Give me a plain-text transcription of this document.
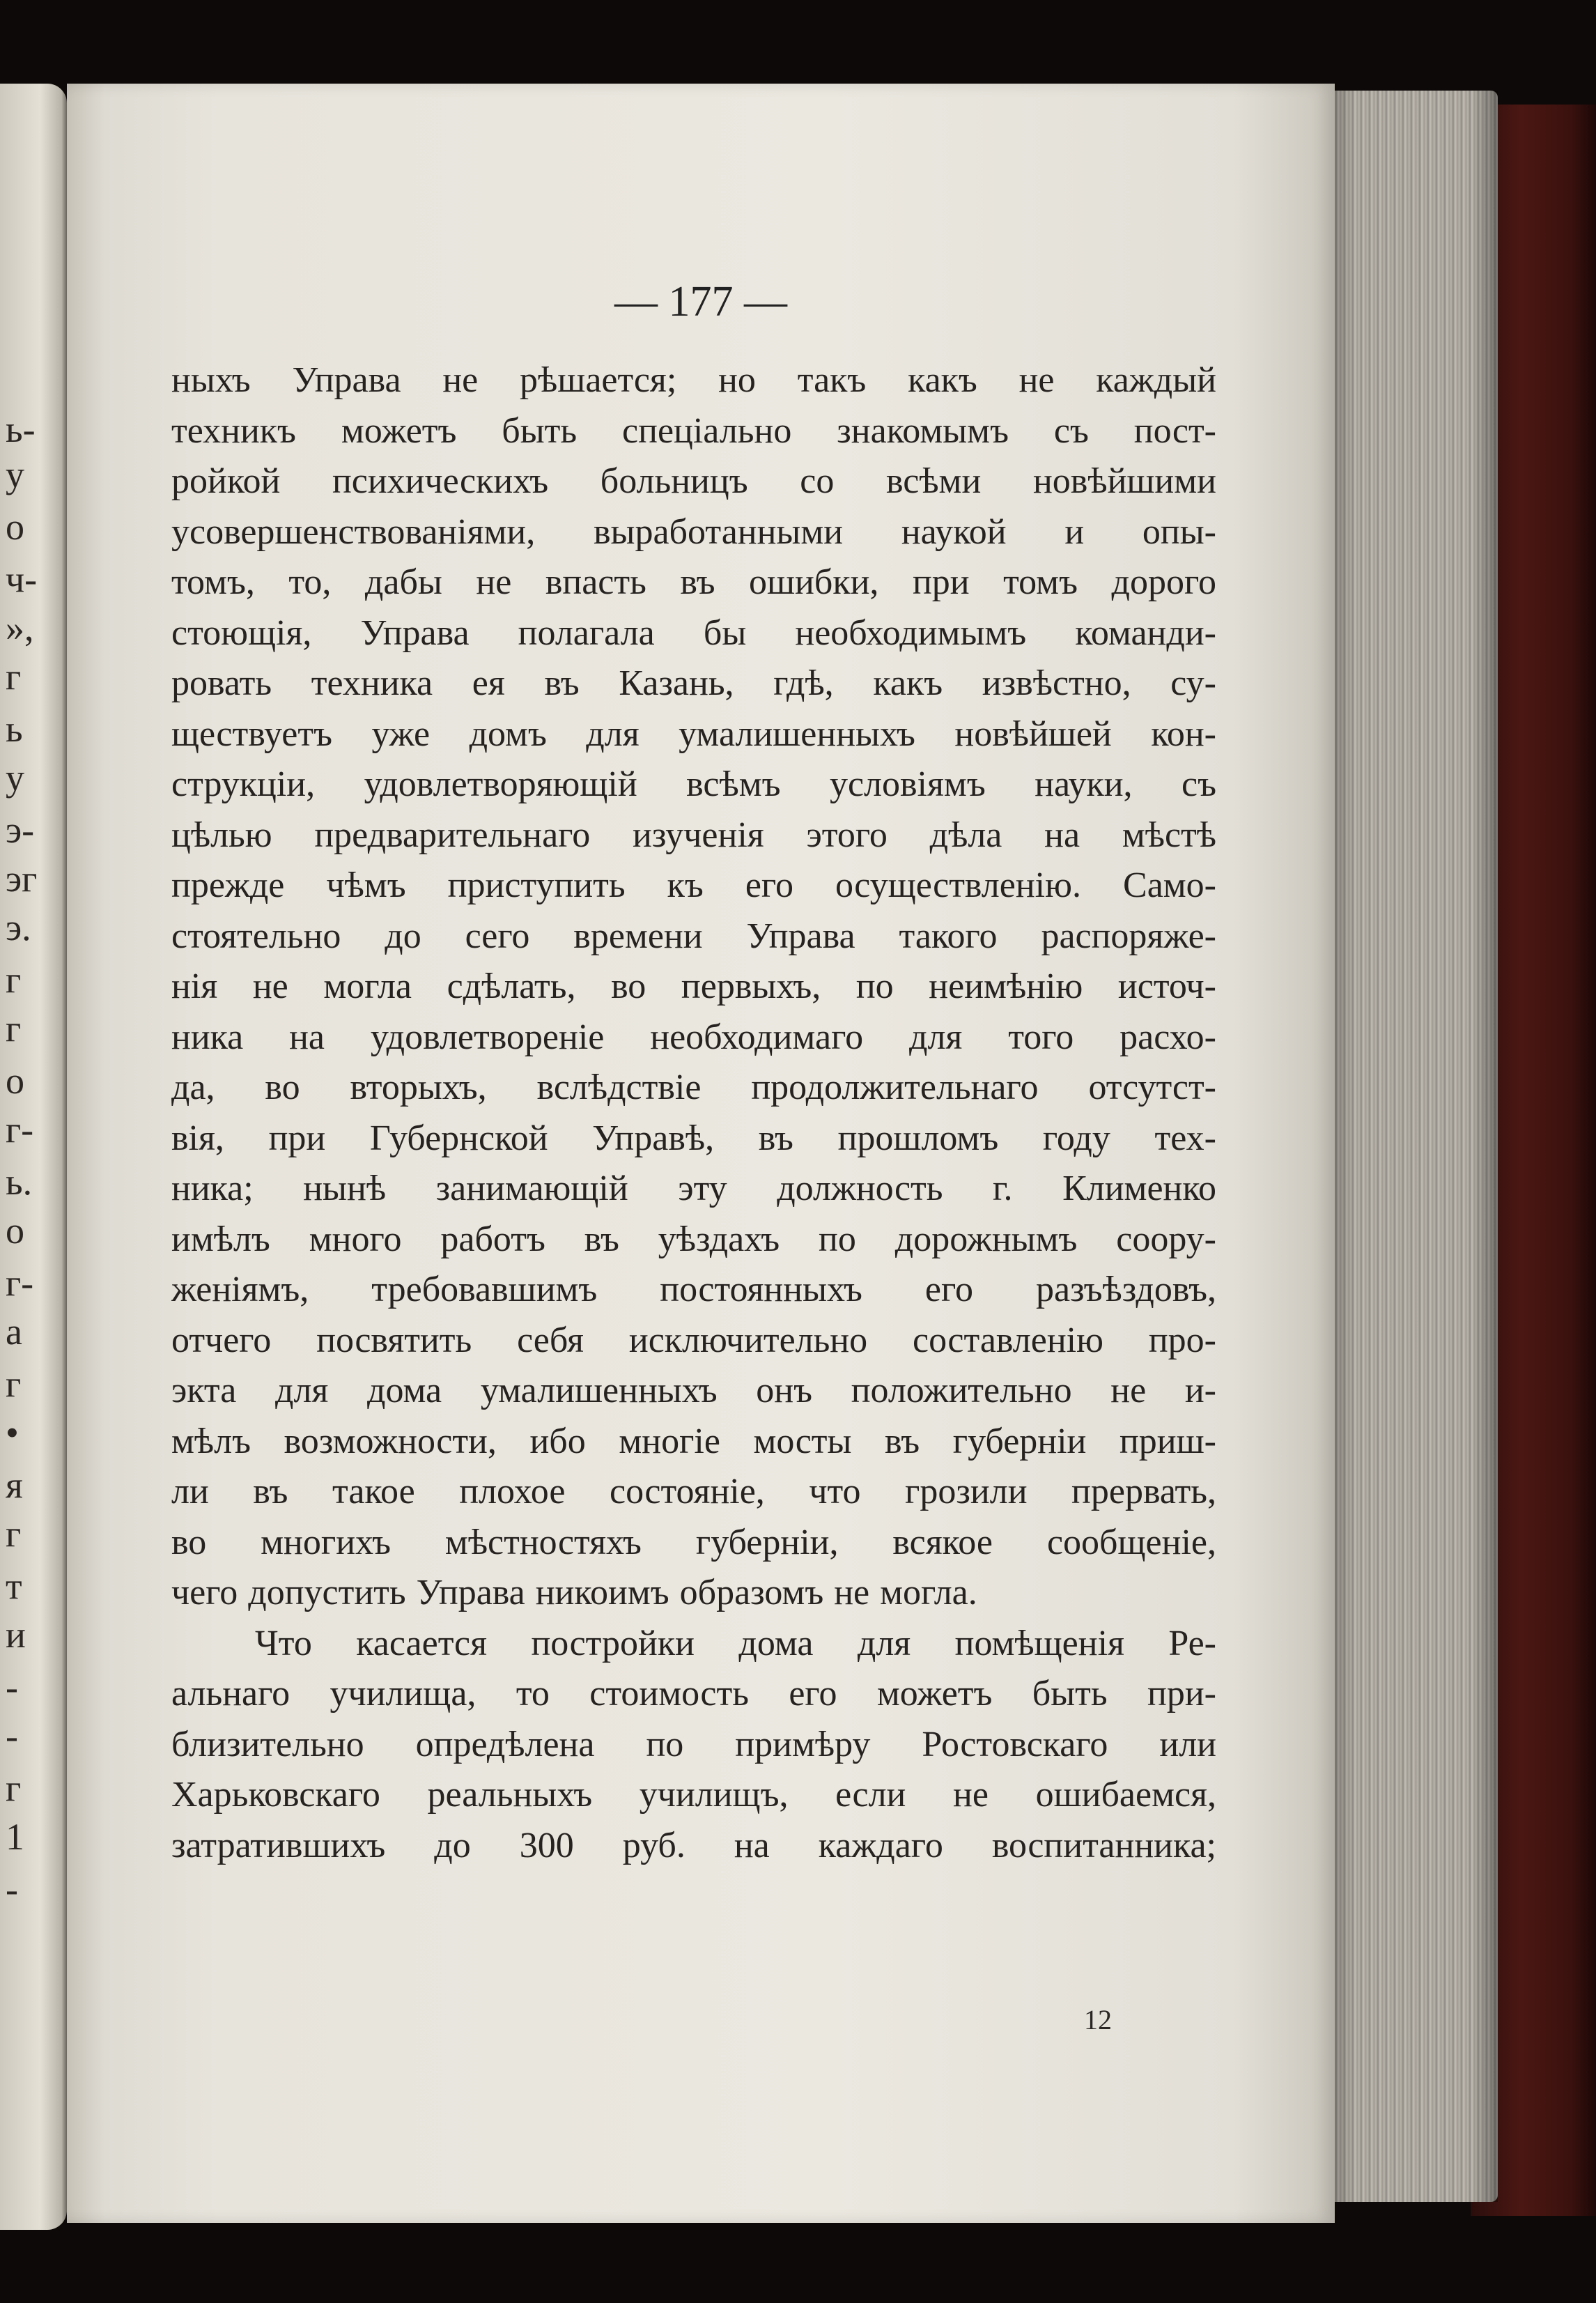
ь-
у
о
ч-
»,
г
ь
у
э-
эг
э.
г
г
о
г-
ь.
о
г-
а
г
•
я
г
т
и
-
-
г
1
-
— 177 —
ныхъ Управа не рѣшается; но такъ какъ не каждый
техникъ можетъ быть спеціально знакомымъ съ пост-
ройкой психическихъ больницъ со всѣми новѣйшими
усовершенствованіями, выработанными наукой и опы-
томъ, то, дабы не впасть въ ошибки, при томъ дорого
стоющія, Управа полагала бы необходимымъ команди-
ровать техника ея въ Казань, гдѣ, какъ извѣстно, су-
ществуетъ уже домъ для умалишенныхъ новѣйшей кон-
струкціи, удовлетворяющій всѣмъ условіямъ науки, съ
цѣлью предварительнаго изученія этого дѣла на мѣстѣ
прежде чѣмъ приступить къ его осуществленію. Само-
стоятельно до сего времени Управа такого распоряже-
нія не могла сдѣлать, во первыхъ, по неимѣнію источ-
ника на удовлетвореніе необходимаго для того расхо-
да, во вторыхъ, вслѣдствіе продолжительнаго отсутст-
вія, при Губернской Управѣ, въ прошломъ году тех-
ника; нынѣ занимающій эту должность г. Клименко
имѣлъ много работъ въ уѣздахъ по дорожнымъ соору-
женіямъ, требовавшимъ постоянныхъ его разъѣздовъ,
отчего посвятить себя исключительно составленію про-
экта для дома умалишенныхъ онъ положительно не и-
мѣлъ возможности, ибо многіе мосты въ губерніи приш-
ли въ такое плохое состояніе, что грозили прервать,
во многихъ мѣстностяхъ губерніи, всякое сообщеніе,
чего допустить Управа никоимъ образомъ не могла.
Что касается постройки дома для помѣщенія Ре-
альнаго училища, то стоимость его можетъ быть при-
близительно опредѣлена по примѣру Ростовскаго или
Харьковскаго реальныхъ училищъ, если не ошибаемся,
затратившихъ до 300 руб. на каждаго воспитанника;
12
